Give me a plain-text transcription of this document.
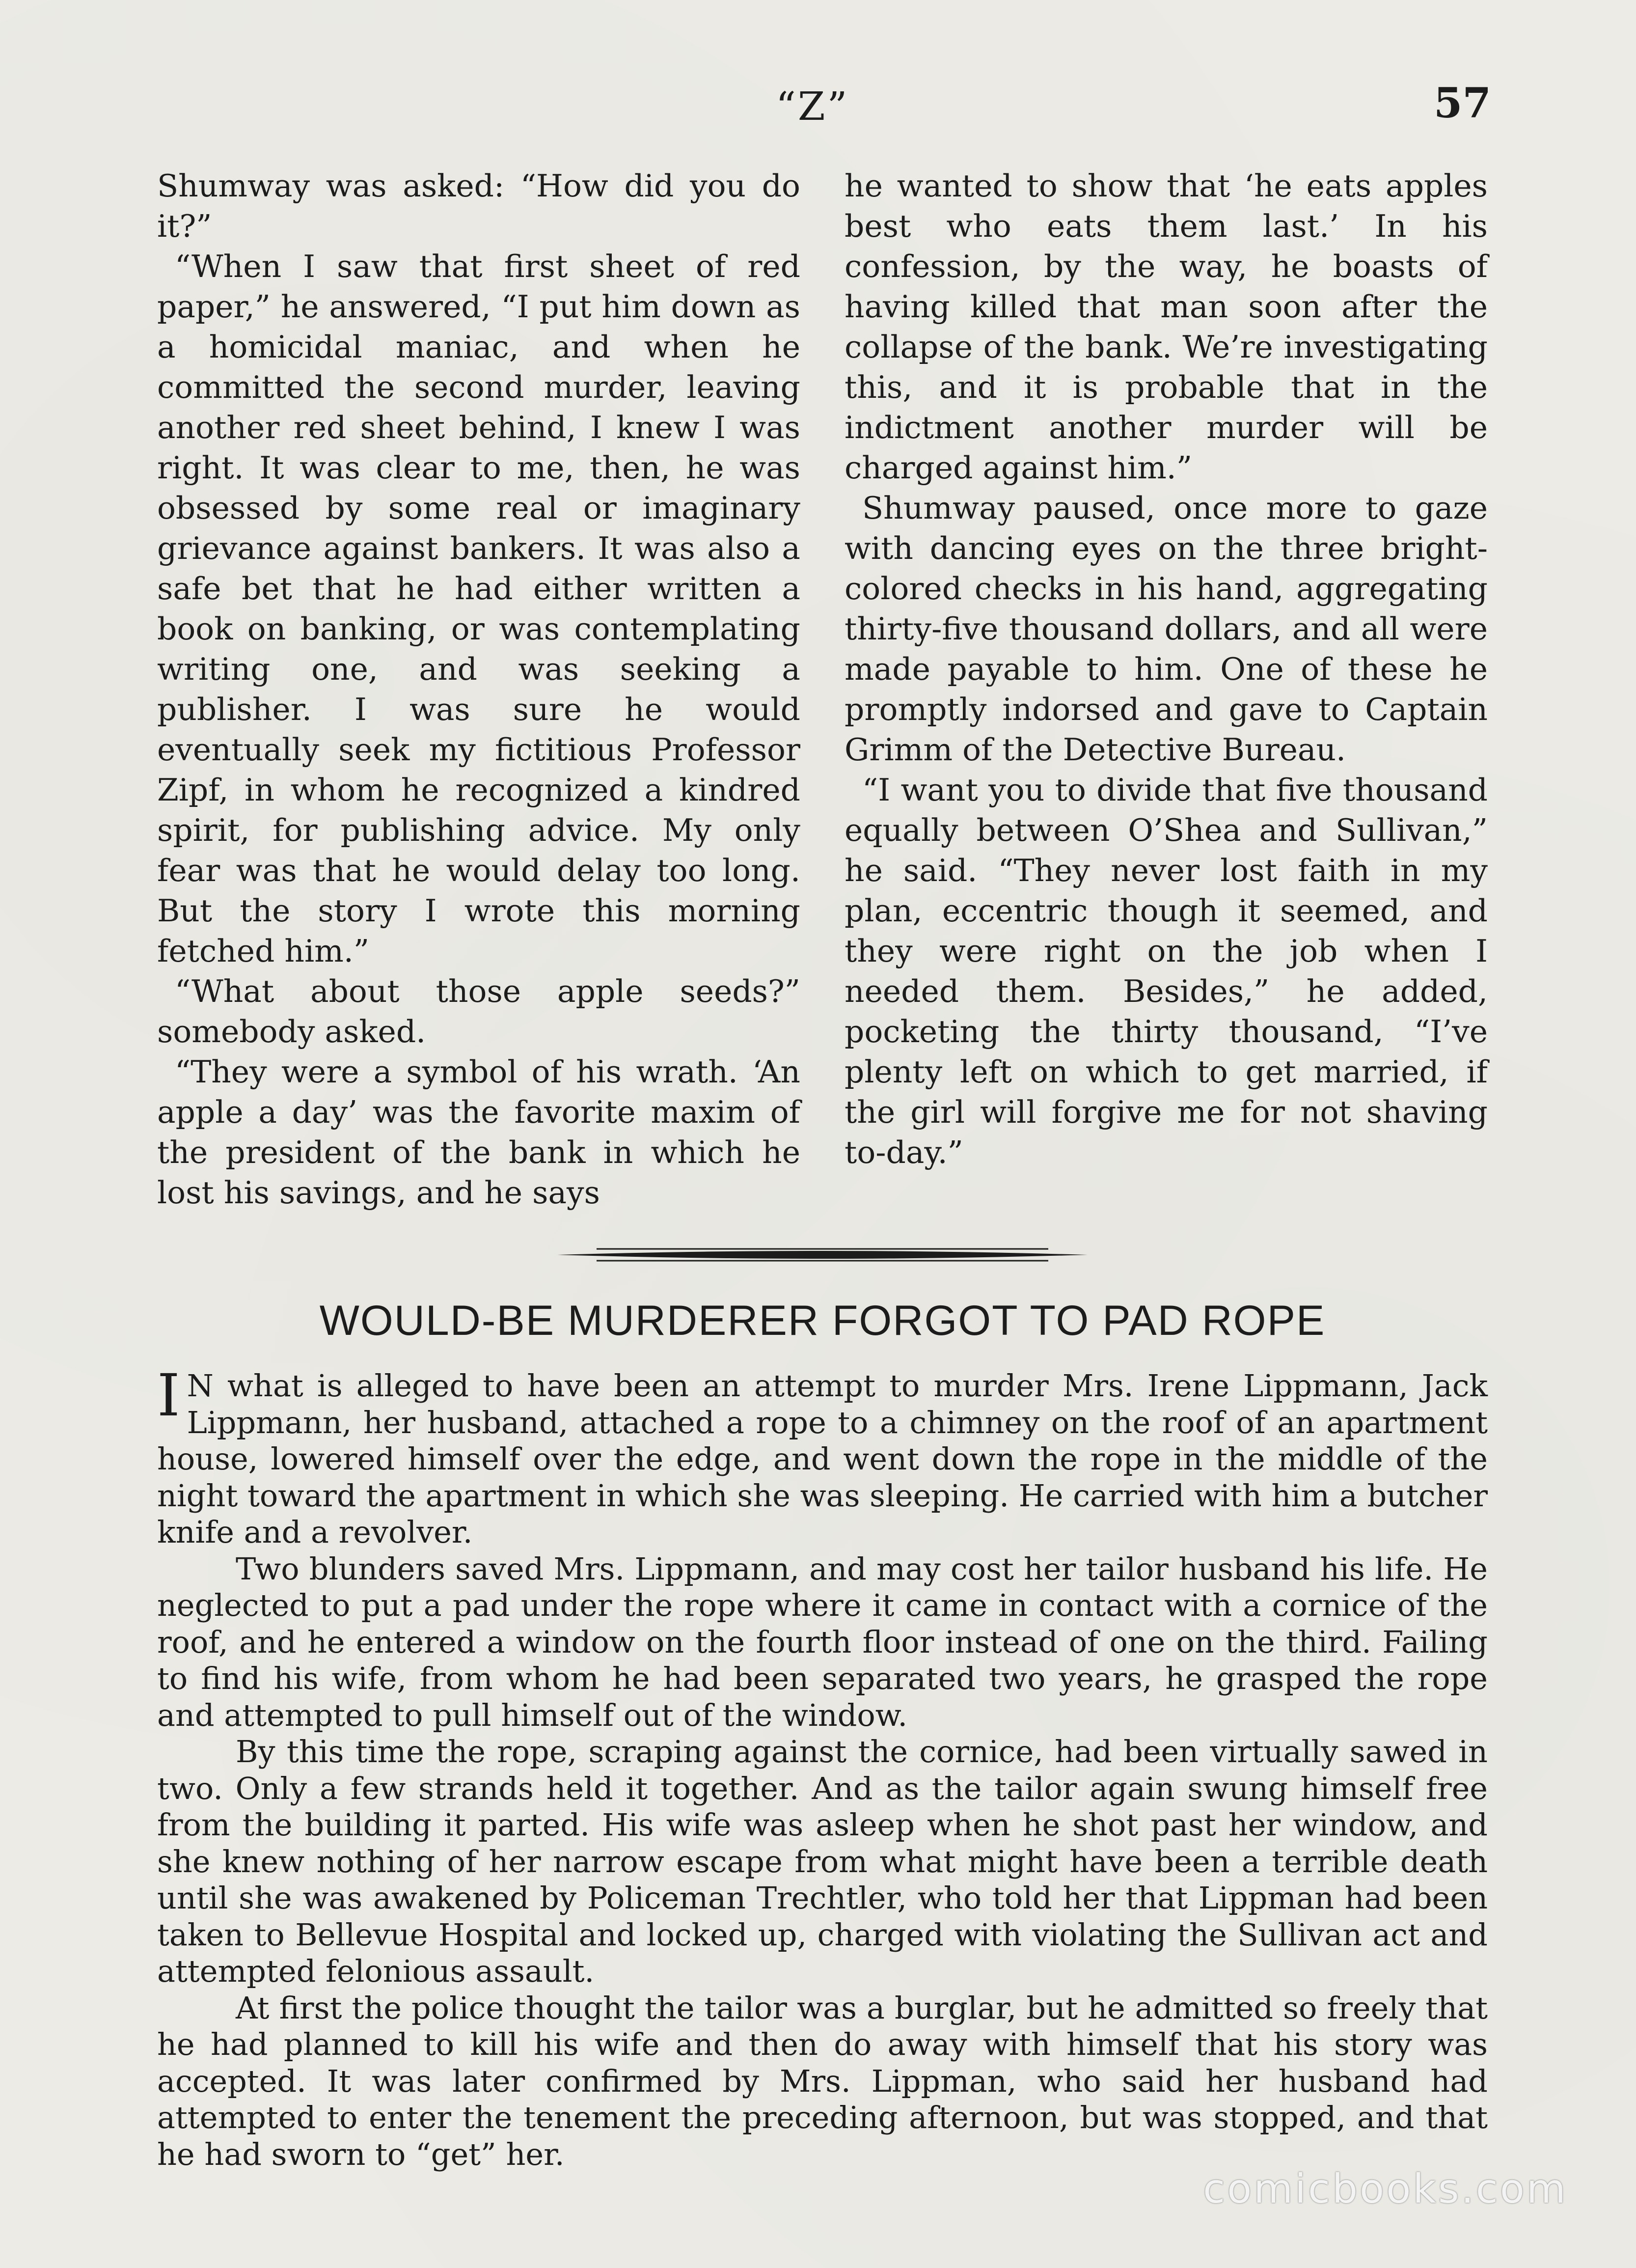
“Z”	57

Shumway was asked: “How did you do it?”

“When I saw that first sheet of red paper,” he answered, “I put him down as a homicidal maniac, and when he committed the second murder, leaving another red sheet behind, I knew I was right. It was clear to me, then, he was obsessed by some real or imaginary grievance against bankers. It was also a safe bet that he had either written a book on banking, or was contemplating writing one, and was seeking a publisher. I was sure he would eventually seek my fictitious Professor Zipf, in whom he recognized a kindred spirit, for publishing advice. My only fear was that he would delay too long. But the story I wrote this morning fetched him.”

“What about those apple seeds?” somebody asked.

“They were a symbol of his wrath. ‘An apple a day’ was the favorite maxim of the president of the bank in which he lost his savings, and he says

he wanted to show that ‘he eats apples best who eats them last.’ In his confession, by the way, he boasts of having killed that man soon after the collapse of the bank. We’re investigating this, and it is probable that in the indictment another murder will be charged against him.”

Shumway paused, once more to gaze with dancing eyes on the three bright-colored checks in his hand, aggregating thirty-five thousand dollars, and all were made payable to him. One of these he promptly indorsed and gave to Captain Grimm of the Detective Bureau.

“I want you to divide that five thousand equally between O’Shea and Sullivan,” he said. “They never lost faith in my plan, eccentric though it seemed, and they were right on the job when I needed them. Besides,” he added, pocketing the thirty thousand, “I’ve plenty left on which to get married, if the girl will forgive me for not shaving to-day.”

WOULD-BE MURDERER FORGOT TO PAD ROPE

I N what is alleged to have been an attempt to murder Mrs. Irene Lippmann, Jack Lippmann, her husband, attached a rope to a chimney on the roof of an apartment house, lowered himself over the edge, and went down the rope in the middle of the night toward the apartment in which she was sleeping. He carried with him a butcher knife and a revolver.

Two blunders saved Mrs. Lippmann, and may cost her tailor husband his life. He neglected to put a pad under the rope where it came in contact with a cornice of the roof, and he entered a window on the fourth floor instead of one on the third. Failing to find his wife, from whom he had been separated two years, he grasped the rope and attempted to pull himself out of the window.

By this time the rope, scraping against the cornice, had been virtually sawed in two. Only a few strands held it together. And as the tailor again swung himself free from the building it parted. His wife was asleep when he shot past her window, and she knew nothing of her narrow escape from what might have been a terrible death until she was awakened by Policeman Trechtler, who told her that Lippman had been taken to Bellevue Hospital and locked up, charged with violating the Sullivan act and attempted felonious assault.

At first the police thought the tailor was a burglar, but he admitted so freely that he had planned to kill his wife and then do away with himself that his story was accepted. It was later confirmed by Mrs. Lippman, who said her husband had attempted to enter the tenement the preceding afternoon, but was stopped, and that he had sworn to “get” her.

comicbooks.com
